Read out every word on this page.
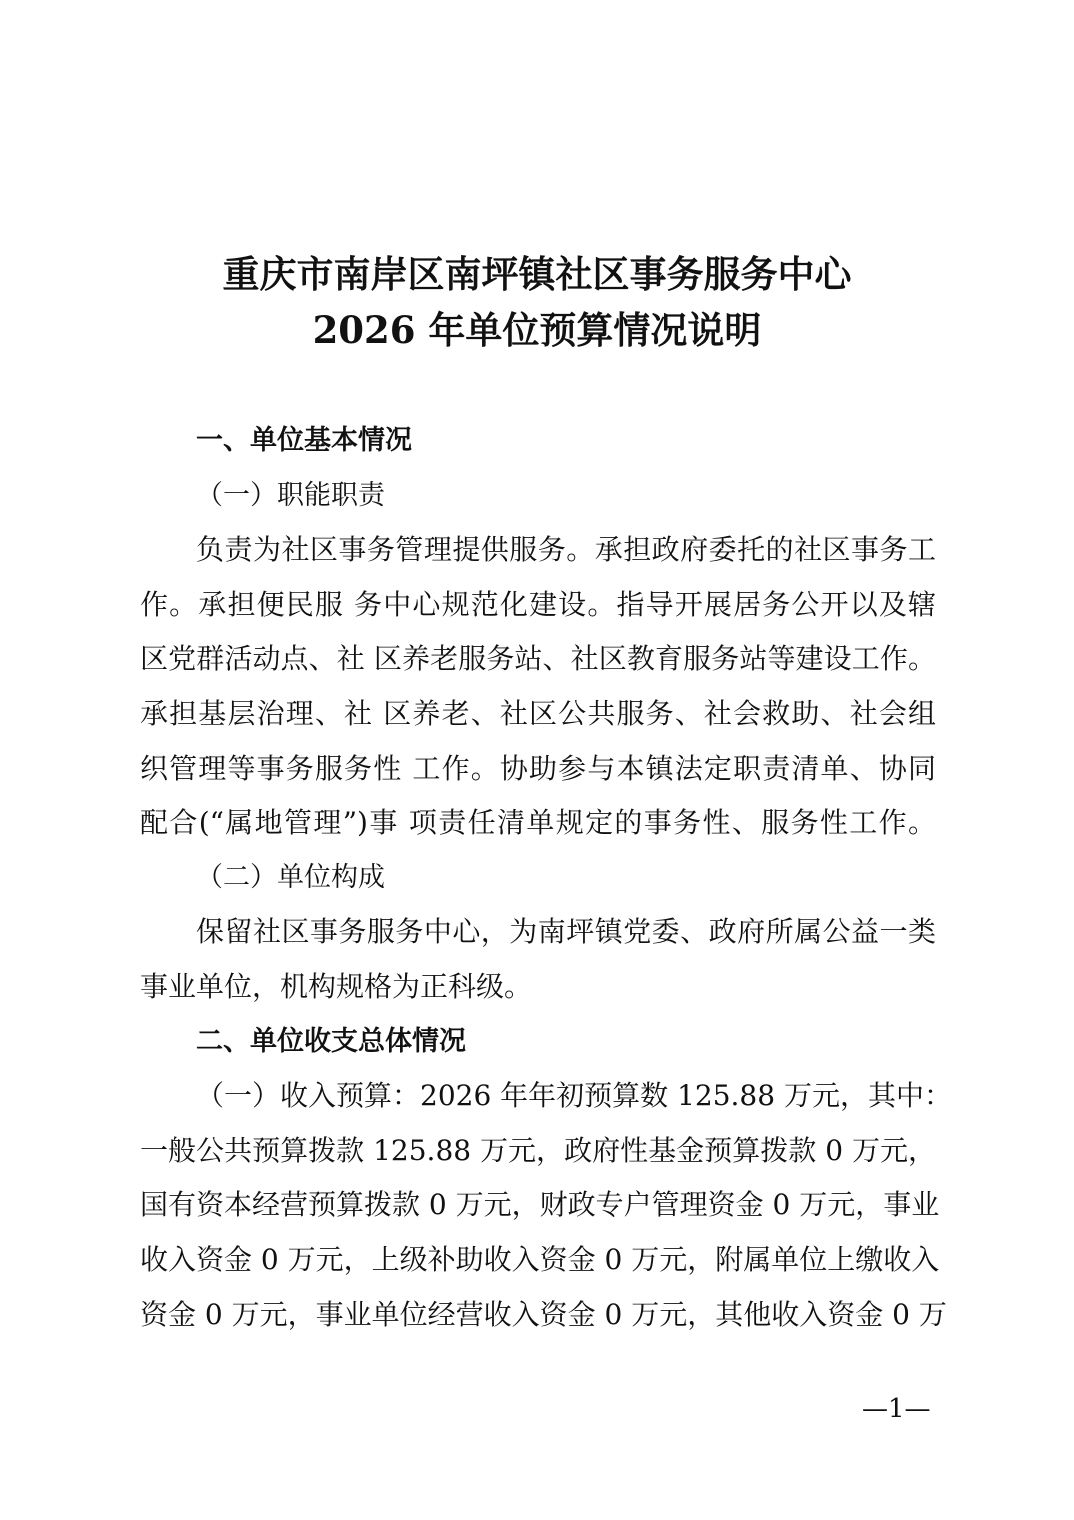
重庆市南岸区南坪镇社区事务服务中心
2026 年单位预算情况说明

一、单位基本情况

（一）职能职责

负责为社区事务管理提供服务。承担政府委托的社区事务工
作。承担便民服 务中心规范化建设。指导开展居务公开以及辖
区党群活动点、社 区养老服务站、社区教育服务站等建设工作。
承担基层治理、社 区养老、社区公共服务、社会救助、社会组
织管理等事务服务性 工作。协助参与本镇法定职责清单、协同
配合(“属地管理”)事 项责任清单规定的事务性、服务性工作。

（二）单位构成

保留社区事务服务中心，为南坪镇党委、政府所属公益一类
事业单位，机构规格为正科级。

二、单位收支总体情况

（一）收入预算：2026 年年初预算数 125.88 万元，其中：
一般公共预算拨款 125.88 万元，政府性基金预算拨款 0 万元，
国有资本经营预算拨款 0 万元，财政专户管理资金 0 万元，事业
收入资金 0 万元，上级补助收入资金 0 万元，附属单位上缴收入
资金 0 万元，事业单位经营收入资金 0 万元，其他收入资金 0 万
—1—
